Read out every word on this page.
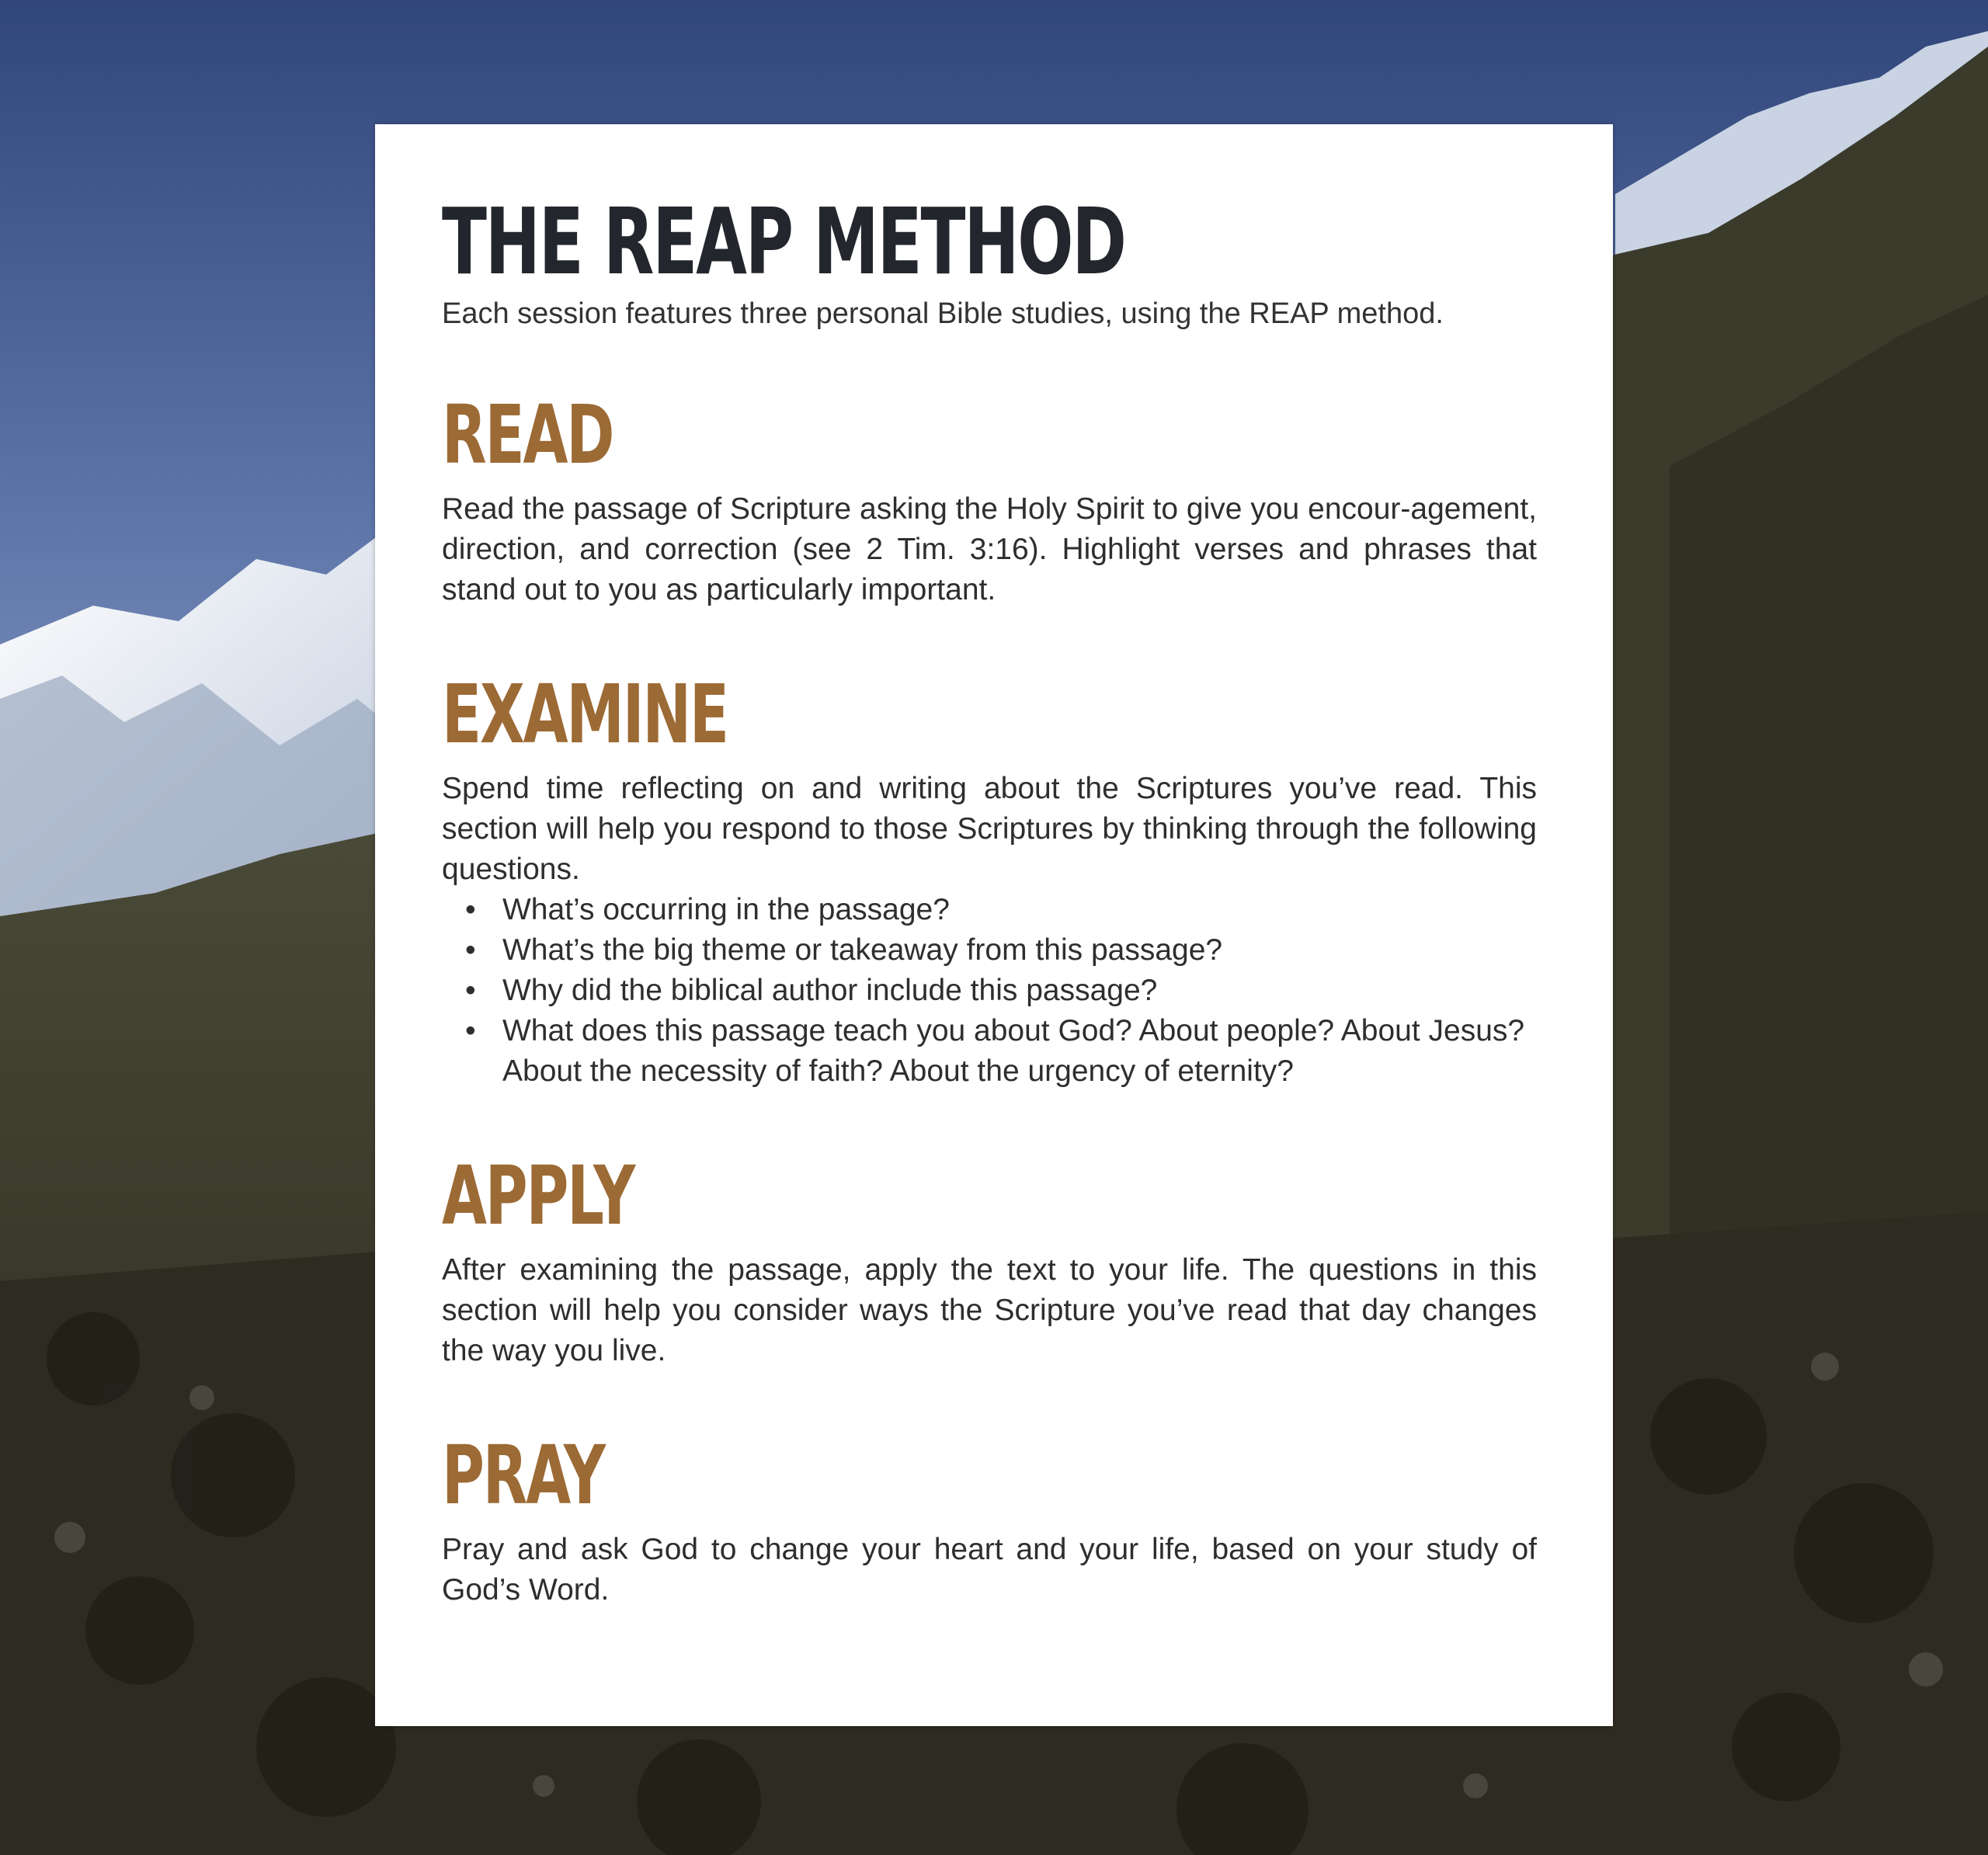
THE REAP METHOD

Each session features three personal Bible studies, using the REAP method.

READ

Read the passage of Scripture asking the Holy Spirit to give you encour-agement, direction, and correction (see 2 Tim. 3:16). Highlight verses and phrases that stand out to you as particularly important.

EXAMINE

Spend time reflecting on and writing about the Scriptures you’ve read. This section will help you respond to those Scriptures by thinking through the following questions.

• What’s occurring in the passage?
• What’s the big theme or takeaway from this passage?
• Why did the biblical author include this passage?
• What does this passage teach you about God? About people? About Jesus? About the necessity of faith? About the urgency of eternity?
APPLY

After examining the passage, apply the text to your life. The questions in this section will help you consider ways the Scripture you’ve read that day changes the way you live.

PRAY

Pray and ask God to change your heart and your life, based on your study of God’s Word.
